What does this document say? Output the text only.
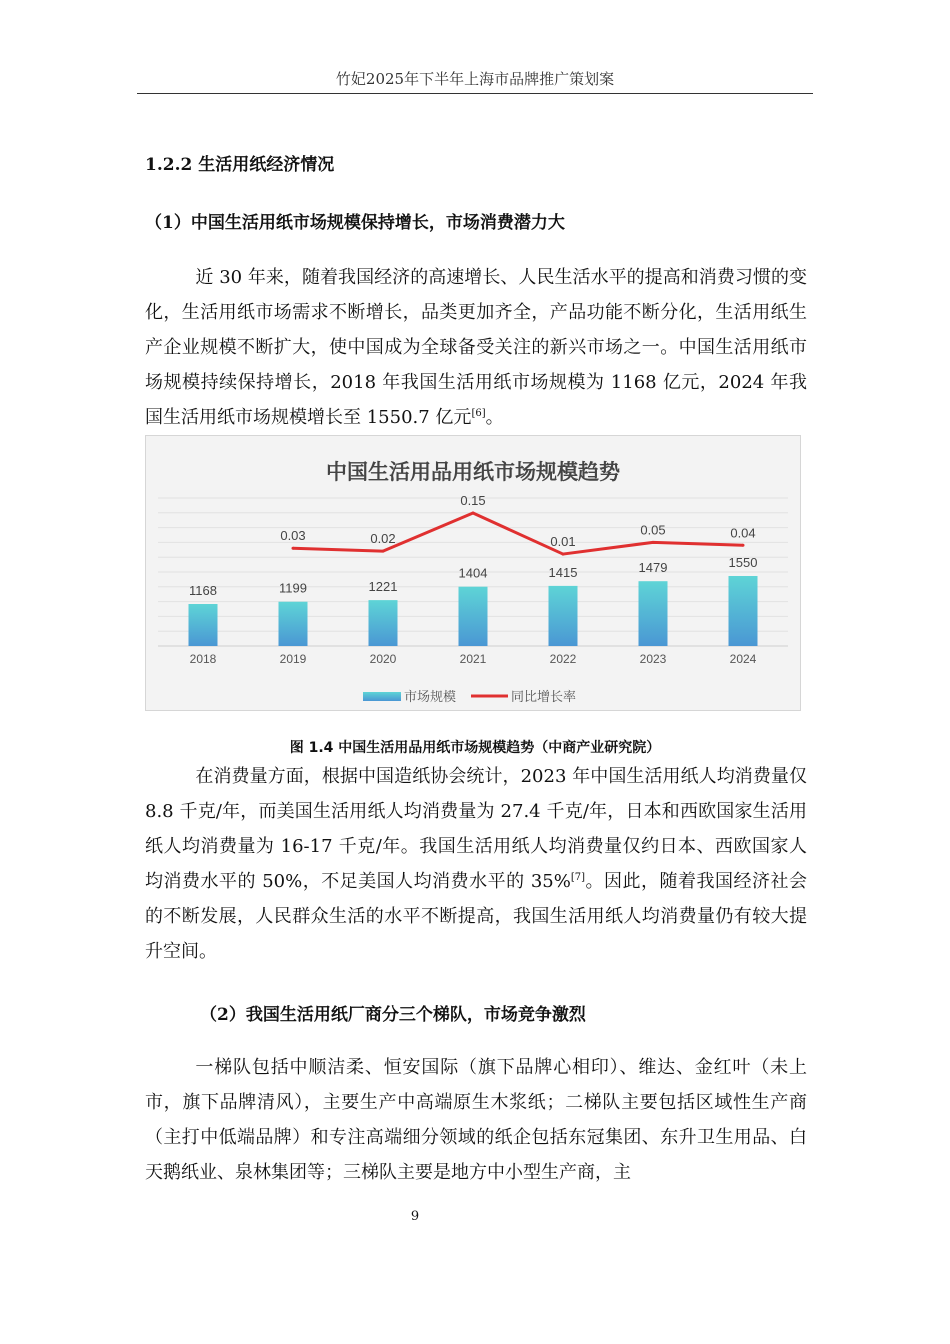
竹妃2025年下半年上海市品牌推广策划案
1.2.2 生活用纸经济情况
（1）中国生活用纸市场规模保持增长，市场消费潜力大

近 30 年来，随着我国经济的高速增长、人民生活水平的提高和消费习惯的变化，生活用纸市场需求不断增长，品类更加齐全，产品功能不断分化，生活用纸生产企业规模不断扩大，使中国成为全球备受关注的新兴市场之一。中国生活用纸市场规模持续保持增长，2018 年我国生活用纸市场规模为 1168 亿元，2024 年我国生活用纸市场规模增长至 1550.7 亿元[6]。

中国生活用品用纸市场规模趋势
1168
2018
1199
2019
0.03
1221
2020
0.02
1404
2021
0.15
1415
2022
0.01
1479
2023
0.05
1550
2024
0.04
市场规模	同比增长率
图 1.4 中国生活用品用纸市场规模趋势（中商产业研究院）

在消费量方面，根据中国造纸协会统计，2023 年中国生活用纸人均消费量仅 8.8 千克/年，而美国生活用纸人均消费量为 27.4 千克/年，日本和西欧国家生活用纸人均消费量为 16-17 千克/年。我国生活用纸人均消费量仅约日本、西欧国家人均消费水平的 50%，不足美国人均消费水平的 35%[7]。因此，随着我国经济社会的不断发展，人民群众生活的水平不断提高，我国生活用纸人均消费量仍有较大提升空间。

（2）我国生活用纸厂商分三个梯队，市场竞争激烈

一梯队包括中顺洁柔、恒安国际（旗下品牌心相印）、维达、金红叶（未上市，旗下品牌清风），主要生产中高端原生木浆纸；二梯队主要包括区域性生产商（主打中低端品牌）和专注高端细分领域的纸企包括东冠集团、东升卫生用品、白天鹅纸业、泉林集团等；三梯队主要是地方中小型生产商，主

9
